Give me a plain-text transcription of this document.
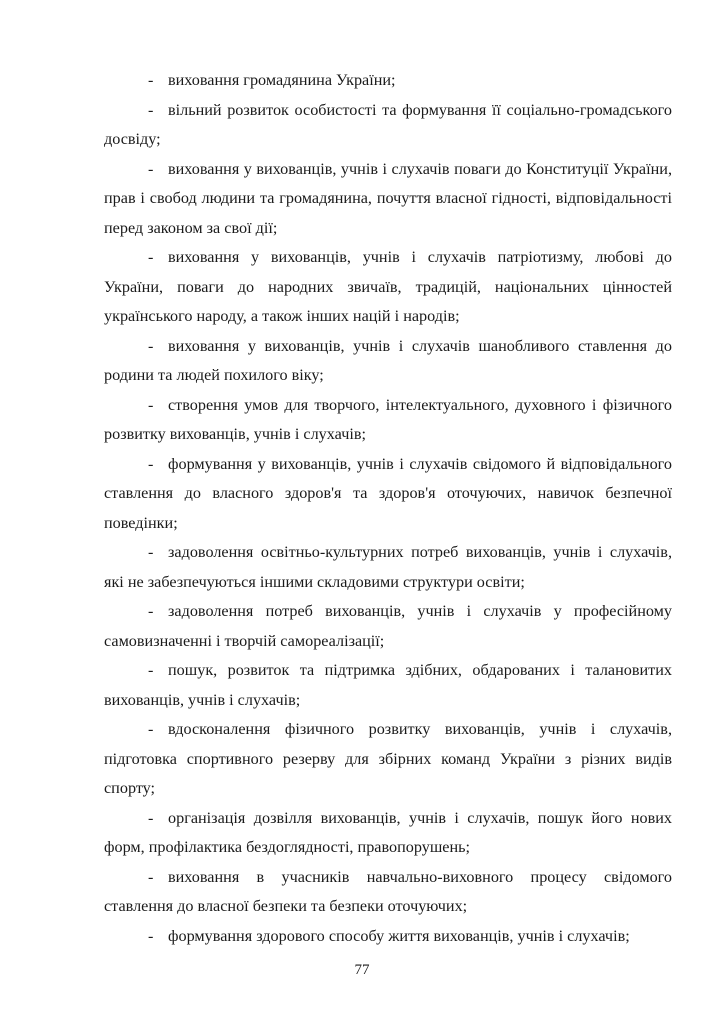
- виховання громадянина України;

- вільний розвиток особистості та формування її соціально-громадського досвіду;

- виховання у вихованців, учнів і слухачів поваги до Конституції України, прав і свобод людини та громадянина, почуття власної гідності, відповідальності перед законом за свої дії;

- виховання у вихованців, учнів і слухачів патріотизму, любові до України, поваги до народних звичаїв, традицій, національних цінностей українського народу, а також інших націй і народів;

- виховання у вихованців, учнів і слухачів шанобливого ставлення до родини та людей похилого віку;

- створення умов для творчого, інтелектуального, духовного і фізичного розвитку вихованців, учнів і слухачів;

- формування у вихованців, учнів і слухачів свідомого й відповідального ставлення до власного здоров'я та здоров'я оточуючих, навичок безпечної поведінки;

- задоволення освітньо-культурних потреб вихованців, учнів і слухачів, які не забезпечуються іншими складовими структури освіти;

- задоволення потреб вихованців, учнів і слухачів у професійному самовизначенні і творчій самореалізації;

- пошук, розвиток та підтримка здібних, обдарованих і талановитих вихованців, учнів і слухачів;

- вдосконалення фізичного розвитку вихованців, учнів і слухачів, підготовка спортивного резерву для збірних команд України з різних видів спорту;

- організація дозвілля вихованців, учнів і слухачів, пошук його нових форм, профілактика бездоглядності, правопорушень;

- виховання в учасників навчально-виховного процесу свідомого ставлення до власної безпеки та безпеки оточуючих;

- формування здорового способу життя вихованців, учнів і слухачів;

77
